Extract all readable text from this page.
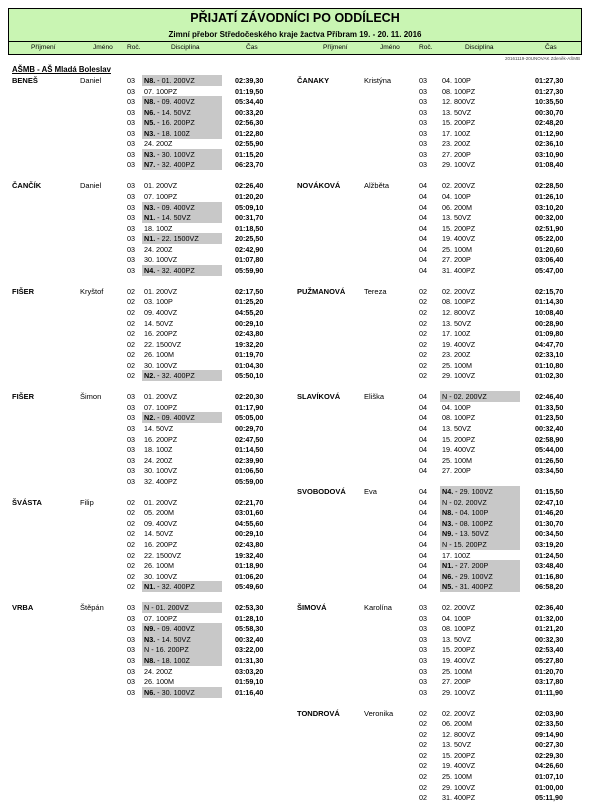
PŘIJATÍ ZÁVODNÍCI PO ODDÍLECH
Zimní přebor Středočeského kraje žactva Příbram 19. - 20. 11. 2016
Příjmení	Jméno Roč.	Disciplína	Čas	Příjmení	Jméno	Roč.	Disciplína	Čas
20161119-20UNOVAK Zdeněk-AŠMB
AŠMB - AŠ Mladá Boleslav
BENEŠ	Daniel	03 N8. - 01. 200VZ	02:39,30
03 07. 100PZ	01:19,50
03 N8. - 09. 400VZ	05:34,40
03 N6. - 14. 50VZ	00:33,20
03 N5. - 16. 200PZ	02:56,30
03 N3. - 18. 100Z	01:22,80
03 24. 200Z	02:55,90
03 N3. - 30. 100VZ	01:15,20
03 N7. - 32. 400PZ	06:23,70
ČANČÍK	Daniel	03 01. 200VZ	02:26,40
03 07. 100PZ	01:20,20
03 N3. - 09. 400VZ	05:09,10
03 N1. - 14. 50VZ	00:31,70
03 18. 100Z	01:18,50
03 N1. - 22. 1500VZ	20:25,50
03 24. 200Z	02:42,90
03 30. 100VZ	01:07,80
03 N4. - 32. 400PZ	05:59,90
FIŠER	Kryštof	02 01. 200VZ	02:17,50
02 03. 100P	01:25,20
02 09. 400VZ	04:55,20
02 14. 50VZ	00:29,10
02 16. 200PZ	02:43,80
02 22. 1500VZ	19:32,20
02 26. 100M	01:19,70
02 30. 100VZ	01:04,30
02 N2. - 32. 400PZ	05:50,10
FIŠER	Šimon	03 01. 200VZ	02:20,30
03 07. 100PZ	01:17,90
03 N2. - 09. 400VZ	05:05,00
03 14. 50VZ	00:29,70
03 16. 200PZ	02:47,50
03 18. 100Z	01:14,50
03 24. 200Z	02:39,90
03 30. 100VZ	01:06,50
03 32. 400PZ	05:59,00
ŠVÁSTA	Filip	02 01. 200VZ	02:21,70
02 05. 200M	03:01,60
02 09. 400VZ	04:55,60
02 14. 50VZ	00:29,10
02 16. 200PZ	02:43,80
02 22. 1500VZ	19:32,40
02 26. 100M	01:18,90
02 30. 100VZ	01:06,20
02 N1. - 32. 400PZ	05:49,60
VRBA	Štěpán	03 N - 01. 200VZ	02:53,30
03 07. 100PZ	01:28,10
03 N9. - 09. 400VZ	05:58,30
03 N3. - 14. 50VZ	00:32,40
03 N - 16. 200PZ	03:22,00
03 N8. - 18. 100Z	01:31,30
03 24. 200Z	03:03,20
03 26. 100M	01:59,10
03 N6. - 30. 100VZ	01:16,40
ČANAKY	Kristýna	03 04. 100P	01:27,30
03 08. 100PZ	01:27,30
03 12. 800VZ	10:35,50
03 13. 50VZ	00:30,70
03 15. 200PZ	02:48,20
03 17. 100Z	01:12,90
03 23. 200Z	02:36,10
03 27. 200P	03:10,90
03 29. 100VZ	01:08,40
NOVÁKOVÁ	Alžběta	04 02. 200VZ	02:28,50
04 04. 100P	01:26,10
04 06. 200M	03:10,20
04 13. 50VZ	00:32,00
04 15. 200PZ	02:51,90
04 19. 400VZ	05:22,00
04 25. 100M	01:20,60
04 27. 200P	03:06,40
04 31. 400PZ	05:47,00
PUŽMANOVÁ Tereza	02 02. 200VZ	02:15,70
02 08. 100PZ	01:14,30
02 12. 800VZ	10:08,40
02 13. 50VZ	00:28,90
02 17. 100Z	01:09,80
02 19. 400VZ	04:47,70
02 23. 200Z	02:33,10
02 25. 100M	01:10,80
02 29. 100VZ	01:02,30
SLAVÍKOVÁ	Eliška	04 N - 02. 200VZ	02:46,40
04 04. 100P	01:33,50
04 08. 100PZ	01:23,50
04 13. 50VZ	00:32,40
04 15. 200PZ	02:58,90
04 19. 400VZ	05:44,00
04 25. 100M	01:26,50
04 27. 200P	03:34,50
SVOBODOVÁ Eva	04 N4. - 29. 100VZ	01:15,50
04 N - 02. 200VZ	02:47,10
04 N8. - 04. 100P	01:46,20
04 N3. - 08. 100PZ	01:30,70
04 N9. - 13. 50VZ	00:34,50
04 N - 15. 200PZ	03:19,20
04 17. 100Z	01:24,50
04 N1. - 27. 200P	03:48,40
04 N6. - 29. 100VZ	01:16,80
04 N5. - 31. 400PZ	06:58,20
ŠIMOVÁ	Karolína	03 02. 200VZ	02:36,40
03 04. 100P	01:32,00
03 08. 100PZ	01:21,20
03 13. 50VZ	00:32,30
03 15. 200PZ	02:53,40
03 19. 400VZ	05:27,80
03 25. 100M	01:20,70
03 27. 200P	03:17,80
03 29. 100VZ	01:11,90
TONDROVÁ	Veronika	02 02. 200VZ	02:03,90
02 06. 200M	02:33,50
02 12. 800VZ	09:14,90
02 13. 50VZ	00:27,30
02 15. 200PZ	02:29,30
02 19. 400VZ	04:26,60
02 25. 100M	01:07,10
02 29. 100VZ	01:00,00
02 31. 400PZ	05:11,90
